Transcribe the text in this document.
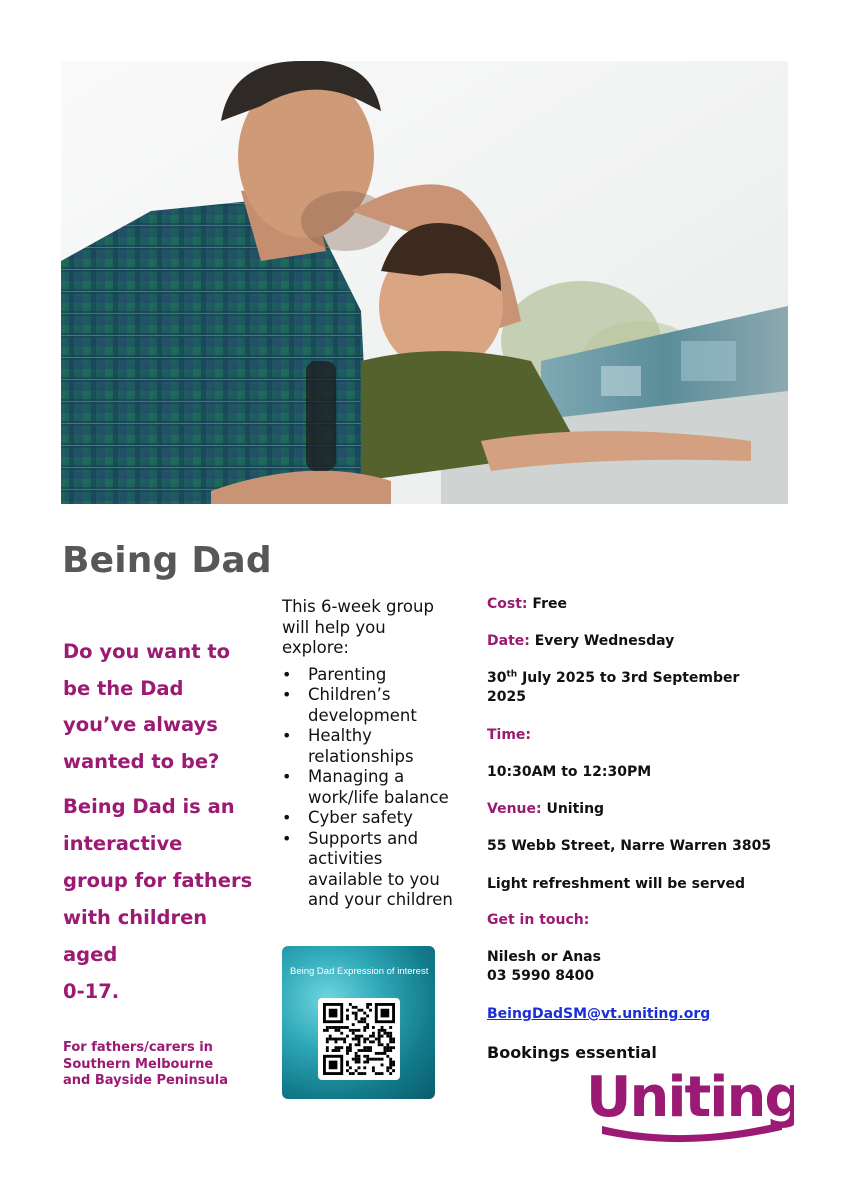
Being Dad
Do you want to
be the Dad
you’ve always
wanted to be?
Being Dad is an
interactive
group for fathers
with children
aged
0-17.
For fathers/carers in
Southern Melbourne
and Bayside Peninsula
This 6-week group
will help you
explore:
• Parenting
• Children’s
development
• Healthy
relationships
• Managing a
work/life balance
• Cyber safety
• Supports and
activities
available to you
and your children
Being Dad Expression of interest
Cost: Free
Date: Every Wednesday
30th July 2025 to 3rd September
2025
Time:
10:30AM to 12:30PM
Venue: Uniting
55 Webb Street, Narre Warren 3805
Light refreshment will be served
Get in touch:
Nilesh or Anas
03 5990 8400
BeingDadSM@vt.uniting.org
Bookings essential
Uniting
